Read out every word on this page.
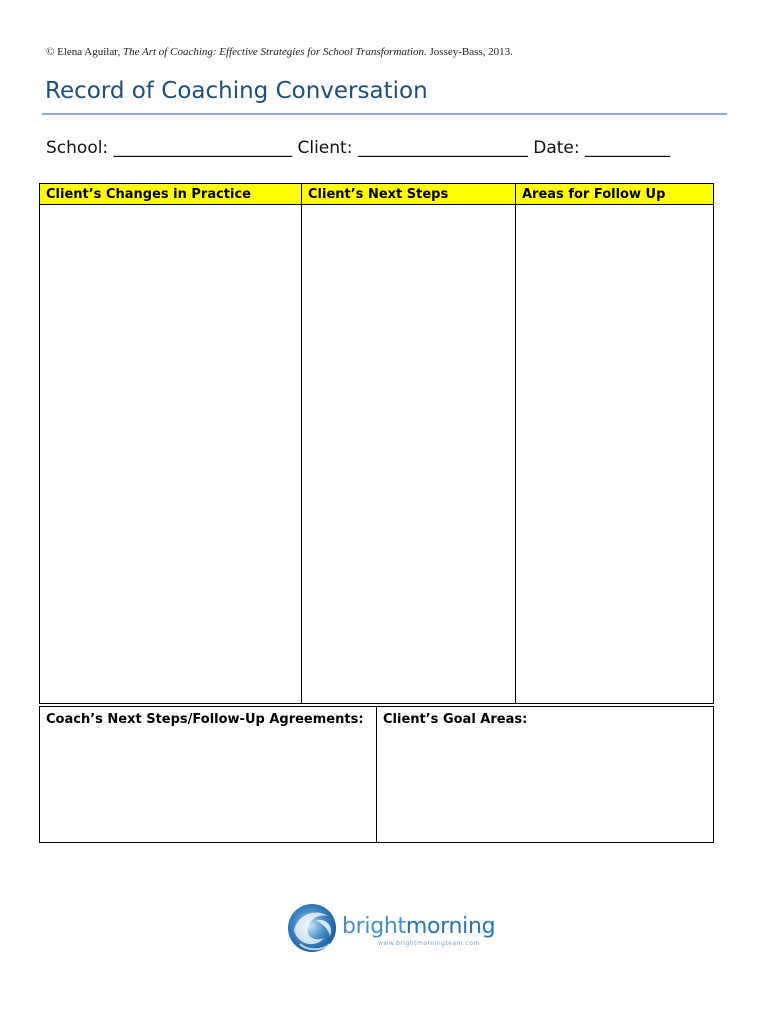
© Elena Aguilar, The Art of Coaching: Effective Strategies for School Transformation. Jossey-Bass, 2013.
Record of Coaching Conversation
School: _____________________ Client: ____________________ Date: __________
Client’s Changes in Practice	Client’s Next Steps	Areas for Follow Up
Coach’s Next Steps/Follow-Up Agreements:	Client’s Goal Areas:
brightmorning
www.brightmorningteam.com
